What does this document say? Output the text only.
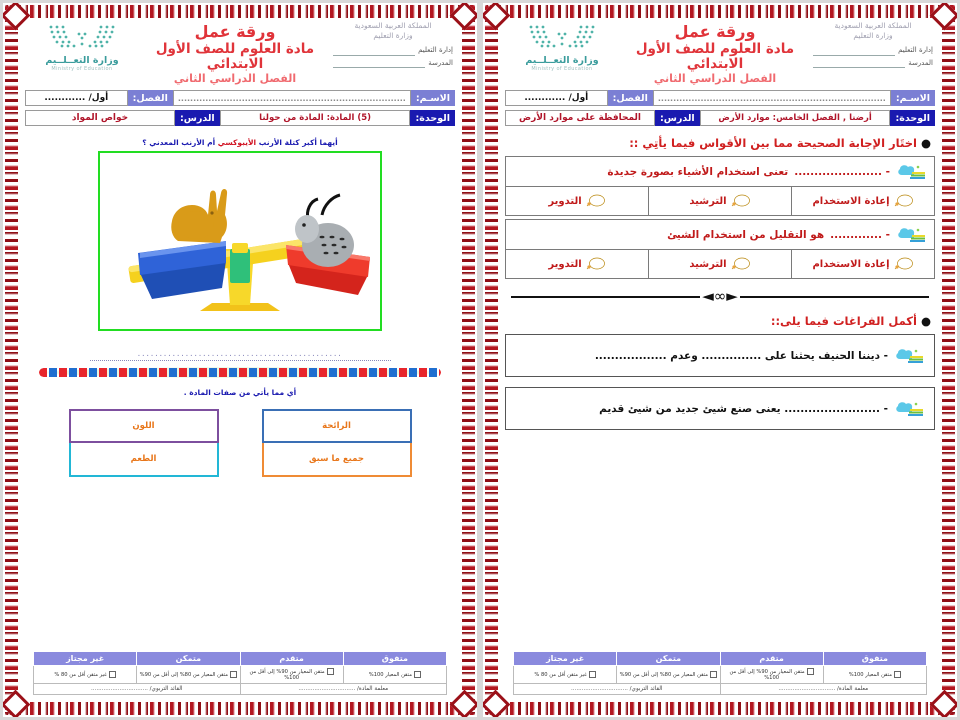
المملكة العربية السعودية
وزارة التعليم
إدارة التعليم
المدرسة
ورقة عمل
مادة العلوم للصف الأول الابتدائي
الفصل الدراسي الثاني
وزارة التعــلــيم
Ministry of Education
الاسـم:
...........................................................................
الفصل:
أول/ ............
الوحدة:
(5) المادة: المادة من حولنا
الدرس:
خواص المواد
أيهما أكبر كتلة الأرنب الأيبوكسي أم الأرنب المعدني ؟
...............................................
أي مما يأتي من صفات المادة .
الرائحة
جميع ما سبق
اللون
الطعم
متفوق	متقدم	متمكن	غير مجتاز
متقن المعيار 100%	متقن المعيار من 90% إلى أقل من 100%	متقن المعيار من 80% إلى أقل من 90%	غير متقن أقل من 80 %
معلمة المادة/ ................................		القائد التربوي/ ................................	
المملكة العربية السعودية
وزارة التعليم
إدارة التعليم
المدرسة
ورقة عمل
مادة العلوم للصف الأول الابتدائي
الفصل الدراسي الثاني
وزارة التعــلــيم
Ministry of Education
الاسـم:
...........................................................................
الفصل:
أول/ ............
الوحدة:
أرضنا , الفصل الخامس: موارد الأرض
الدرس:
المحافظة على موارد الأرض
● اختَار الإجابة الصحيحة مما بين الأقواس فيما يأتِي ::
- ......................
تعنى استخدام الأشياء بصورة جديدة
إعادة الاستخدام
الترشيد
التدوير
- .............
هو التقليل من استخدام الشيئ
إعادة الاستخدام
الترشيد
التدوير
►∞◄
● أكمل الفراغات فيما يلى::
- ديننا الحنيف يحثنا على ............... وعدم ..................
- ........................ يعنى صنع شيئ جديد من شيئ قديم
متفوق	متقدم	متمكن	غير مجتاز
متقن المعيار 100%	متقن المعيار من 90% إلى أقل من 100%	متقن المعيار من 80% إلى أقل من 90%	غير متقن أقل من 80 %
معلمة المادة/ ................................		القائد التربوي/ ................................	
